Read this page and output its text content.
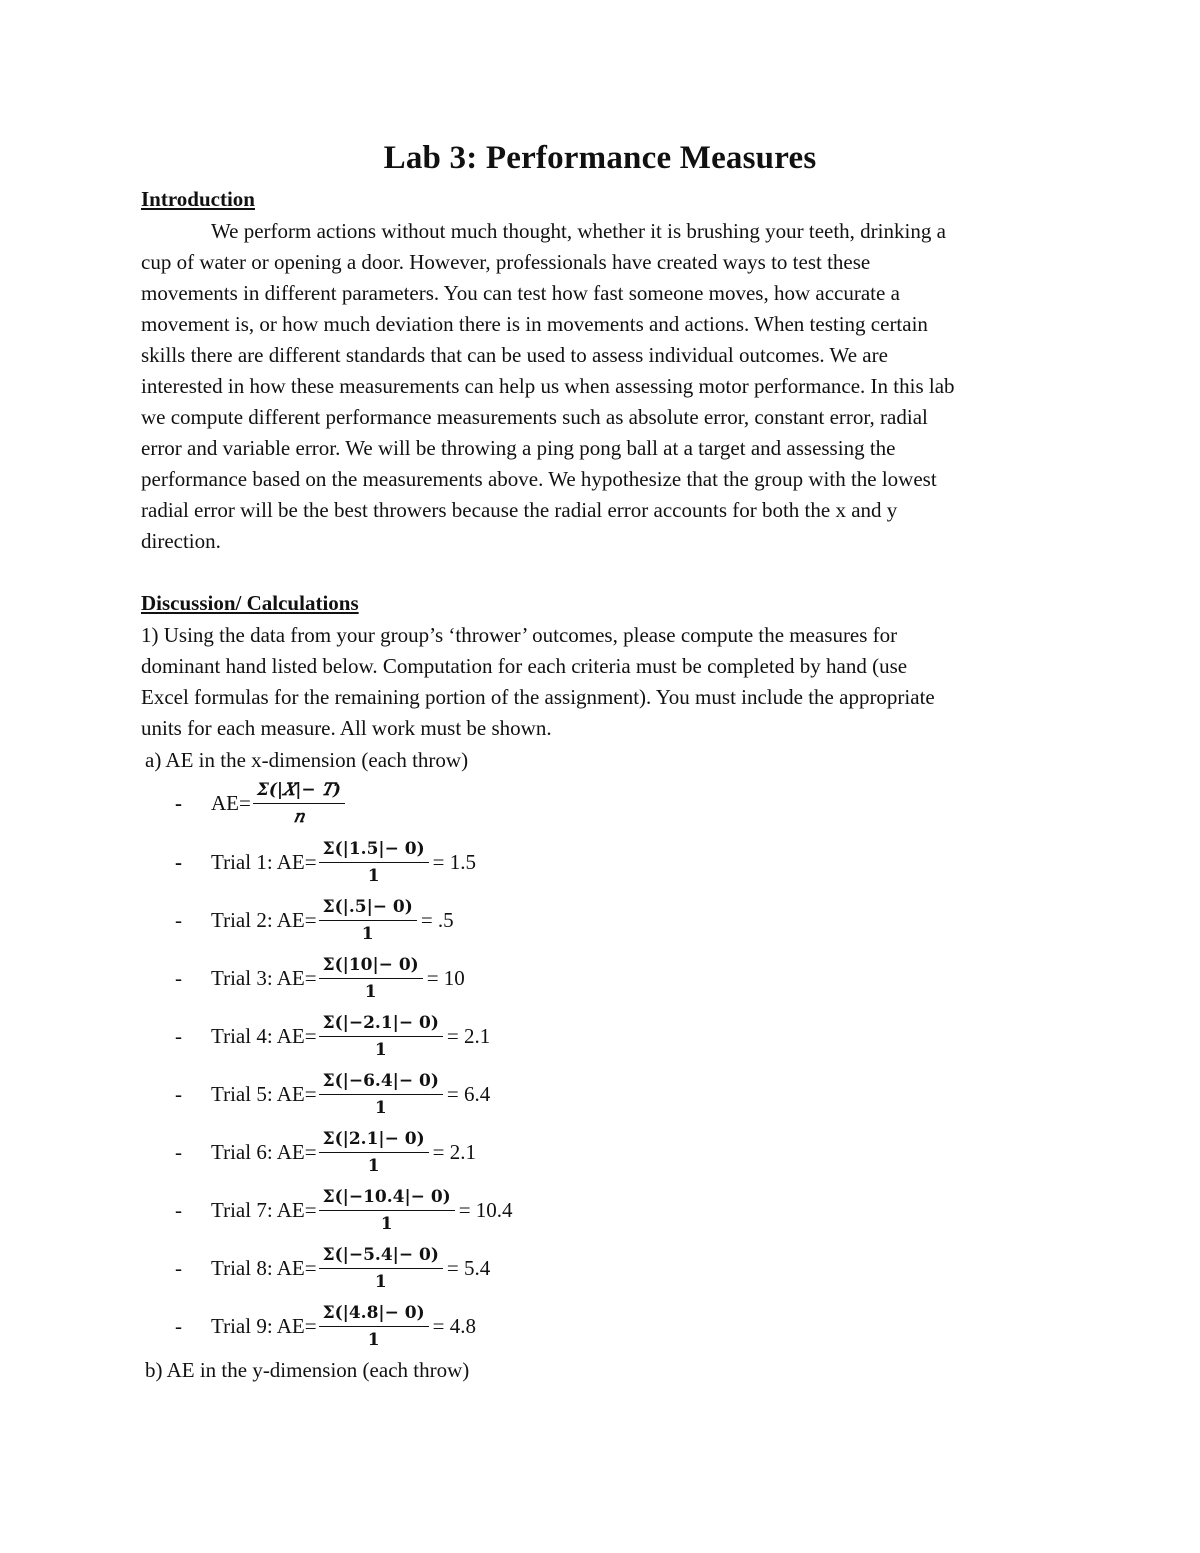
Lab 3: Performance Measures
Introduction
We perform actions without much thought, whether it is brushing your teeth, drinking a
cup of water or opening a door. However, professionals have created ways to test these
movements in different parameters. You can test how fast someone moves, how accurate a
movement is, or how much deviation there is in movements and actions. When testing certain
skills there are different standards that can be used to assess individual outcomes. We are
interested in how these measurements can help us when assessing motor performance. In this lab
we compute different performance measurements such as absolute error, constant error, radial
error and variable error. We will be throwing a ping pong ball at a target and assessing the
performance based on the measurements above. We hypothesize that the group with the lowest
radial error will be the best throwers because the radial error accounts for both the x and y
direction.
Discussion/ Calculations
1) Using the data from your group’s ‘thrower’ outcomes, please compute the measures for
dominant hand listed below. Computation for each criteria must be completed by hand (use
Excel formulas for the remaining portion of the assignment). You must include the appropriate
units for each measure. All work must be shown.
a) AE in the x-dimension (each throw)
-	$AE= \frac{\text{Σ(|𝑋|− 𝑇)}}{\text{𝑛}}$
-	Trial 1: $AE= \frac{\Sigma(|1.5|- 0)}{1} = 1.5$
-	Trial 2: $AE= \frac{\Sigma(|.5|- 0)}{1} = .5$
-	Trial 3: $AE= \frac{\Sigma(|10|- 0)}{1} = 10$
-	Trial 4: $AE= \frac{\Sigma(|-2.1|- 0)}{1} = 2.1$
-	Trial 5: $AE= \frac{\Sigma(|-6.4|- 0)}{1} = 6.4$
-	Trial 6: $AE= \frac{\Sigma(|2.1|- 0)}{1} = 2.1$
-	Trial 7: $AE= \frac{\Sigma(|-10.4|- 0)}{1} = 10.4$
-	Trial 8: $AE= \frac{\Sigma(|-5.4|- 0)}{1} = 5.4$
-	Trial 9: $AE= \frac{\Sigma(|4.8|- 0)}{1} = 4.8$
b) AE in the y-dimension (each throw)
